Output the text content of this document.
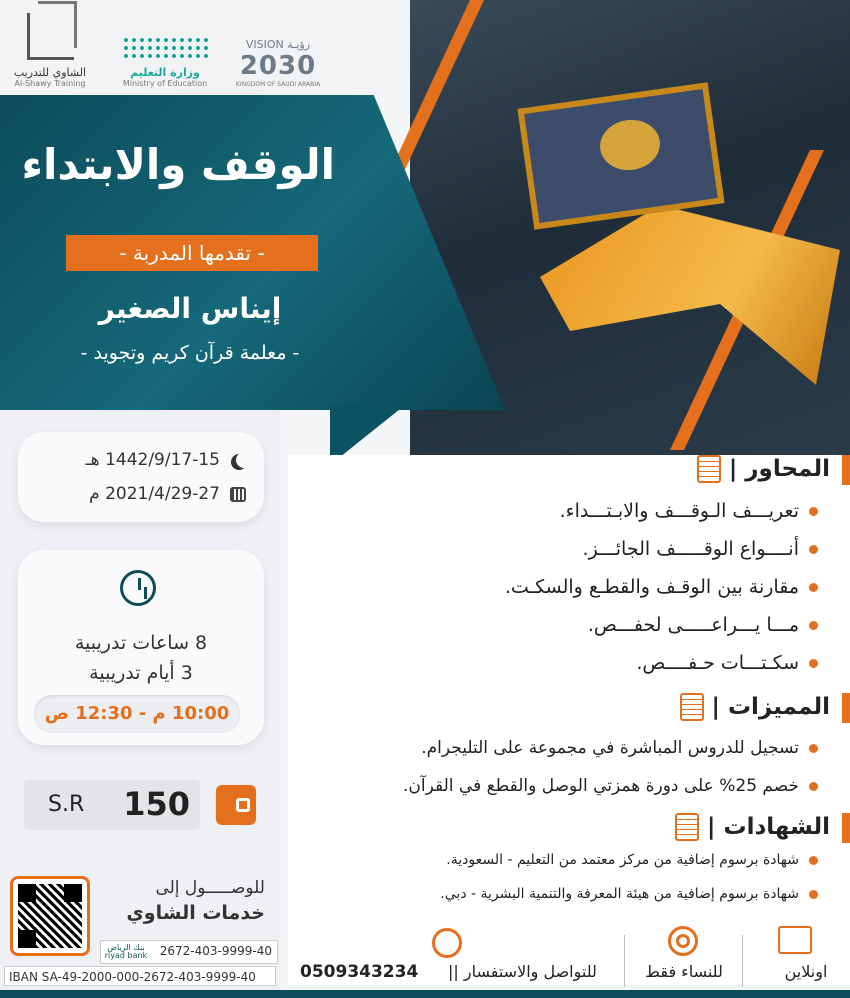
الشاوي للتدريب
Al-Shawy Training
وزارة التعليم
Ministry of Education
VISION رؤيـة
2030
KINGDOM OF SAUDI ARABIA
الوقف والابتداء
- تقدمها المدربة -
إيناس الصغير
- معلمة قرآن كريم وتجويد -
1442/9/17-15 هـ
2021/4/29-27 م
8 ساعات تدريبية
3 أيام تدريبية
10:00 م - 12:30 ص
S.R 150
للوصـــــول إلى
خدمات الشاوي
بنك الرياض riyad bank	2672-403-9999-40
IBAN SA-49-2000-000-2672-403-9999-40
المحاور
|
تعريـــف الـوقـــف والابـتـــداء.
أنــــواع الوقـــــف الجائـــز.
مقارنة بين الوقـف والقطـع والسكـت.
مـــا يـــراعـــــى لحفـــص.
سكـتـــات حـفــــص.
المميزات
|
تسجيل للدروس المباشرة في مجموعة على التليجرام.
خصم 25% على دورة همزتي الوصل والقطع في القرآن.
الشهادات
|
شهادة برسوم إضافية من مركز معتمد من التعليم - السعودية.
شهادة برسوم إضافية من هيئة المعرفة والتنمية البشرية - دبي.
0509343234 للتواصل والاستفسار ||	للنساء فقط	اونلاين
